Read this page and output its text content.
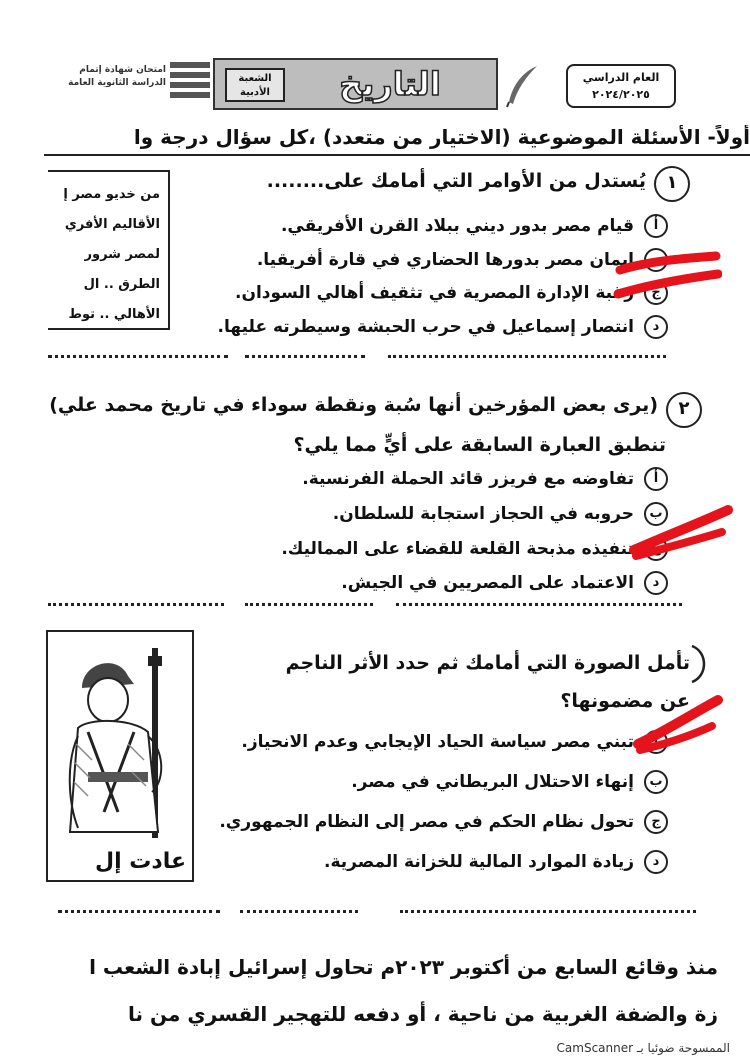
امتحان شهادة إتمام
الدراسة الثانوية العامة	الشعبة
الأدبية	التاريخ	العام الدراسي
٢٠٢٤/٢٠٢٥
أولاً- الأسئلة الموضوعية (الاختيار من متعدد) ،كل سؤال درجة وا
من خديو مصر إ
الأقاليم الأفري
لمصر شرور
الطرق .. ال
الأهالي .. توط
١
يُستدل من الأوامر التي أمامك على........
أ
قيام مصر بدور ديني ببلاد القرن الأفريقي.
ب
إيمان مصر بدورها الحضاري في قارة أفريقيا.
ج
رغبة الإدارة المصرية في تثقيف أهالي السودان.
د
انتصار إسماعيل في حرب الحبشة وسيطرته عليها.
٢
(يرى بعض المؤرخين أنها سُبة ونقطة سوداء في تاريخ محمد علي)
تنطبق العبارة السابقة على أيٍّ مما يلي؟
أ
تفاوضه مع فريزر قائد الحملة الفرنسية.
ب
حروبه في الحجاز استجابة للسلطان.
ج
تنفيذه مذبحة القلعة للقضاء على المماليك.
د
الاعتماد على المصريين في الجيش.
عادت إل
تأمل الصورة التي أمامك ثم حدد الأثر الناجم
عن مضمونها؟
أ
تبني مصر سياسة الحياد الإيجابي وعدم الانحياز.
ب
إنهاء الاحتلال البريطاني في مصر.
ج
تحول نظام الحكم في مصر إلى النظام الجمهوري.
د
زيادة الموارد المالية للخزانة المصرية.
منذ وقائع السابع من أكتوبر ٢٠٢٣م تحاول إسرائيل إبادة الشعب ا
زة والضفة الغربية من ناحية ، أو دفعه للتهجير القسري من نا
الممسوحة ضوئيا بـ CamScanner
